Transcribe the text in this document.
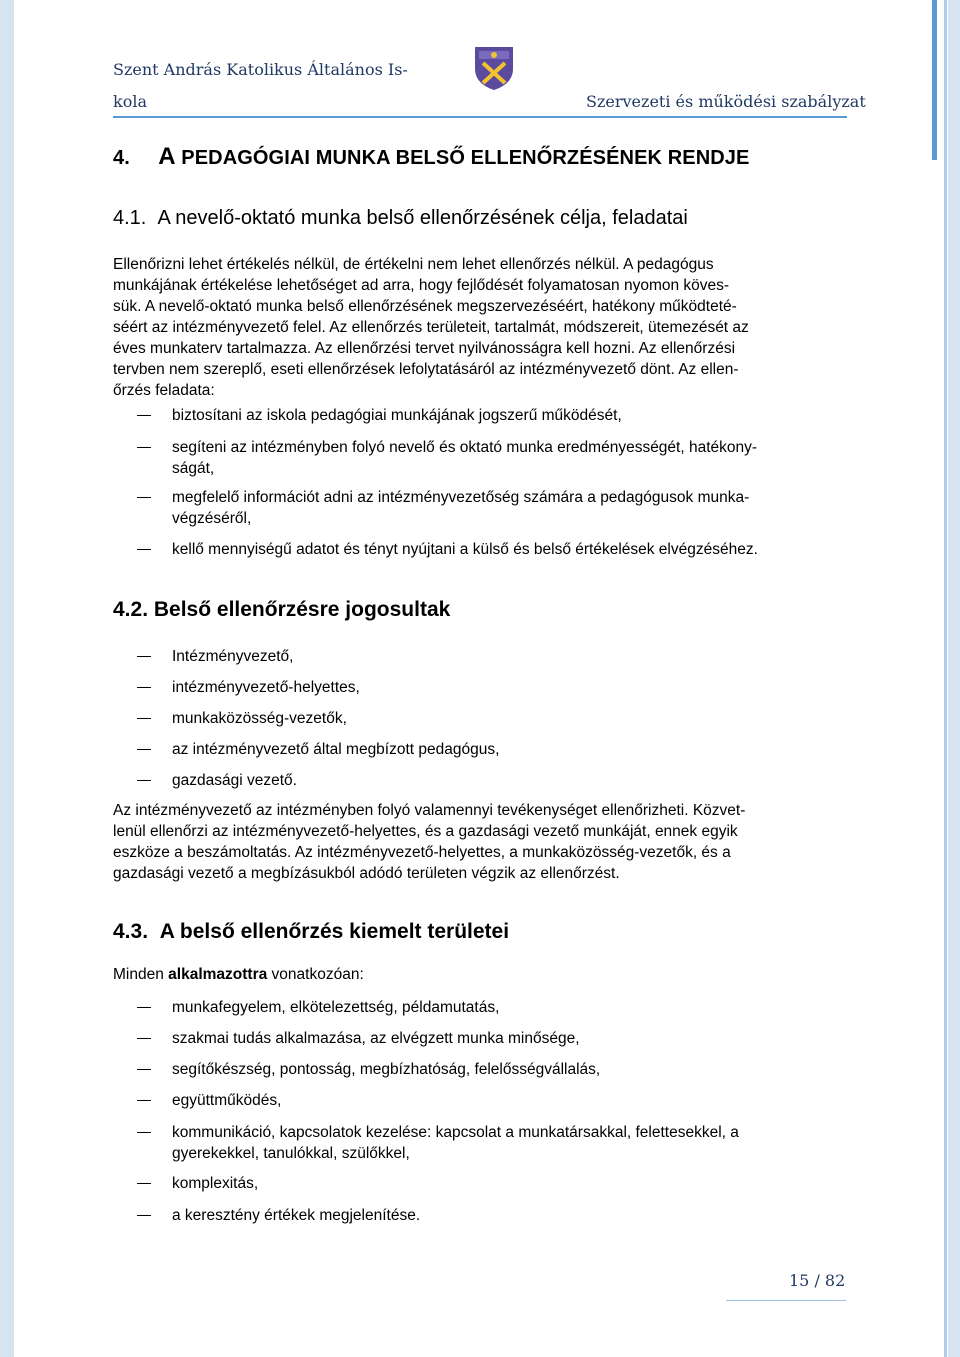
Szent András Katolikus Általános Is-
kola	Szervezeti és működési szabályzat
4. A PEDAGÓGIAI MUNKA BELSŐ ELLENŐRZÉSÉNEK RENDJE
4.1. A nevelő-oktató munka belső ellenőrzésének célja, feladatai
Ellenőrizni lehet értékelés nélkül, de értékelni nem lehet ellenőrzés nélkül. A pedagógus
munkájának értékelése lehetőséget ad arra, hogy fejlődését folyamatosan nyomon köves-
sük. A nevelő-oktató munka belső ellenőrzésének megszervezéséért, hatékony működteté-
séért az intézményvezető felel. Az ellenőrzés területeit, tartalmát, módszereit, ütemezését az
éves munkaterv tartalmazza. Az ellenőrzési tervet nyilvánosságra kell hozni. Az ellenőrzési
tervben nem szereplő, eseti ellenőrzések lefolytatásáról az intézményvezető dönt. Az ellen-
őrzés feladata:
biztosítani az iskola pedagógiai munkájának jogszerű működését,
segíteni az intézményben folyó nevelő és oktató munka eredményességét, hatékony-
ságát,
megfelelő információt adni az intézményvezetőség számára a pedagógusok munka-
végzéséről,
kellő mennyiségű adatot és tényt nyújtani a külső és belső értékelések elvégzéséhez.
4.2. Belső ellenőrzésre jogosultak
Intézményvezető,
intézményvezető-helyettes,
munkaközösség-vezetők,
az intézményvezető által megbízott pedagógus,
gazdasági vezető.
Az intézményvezető az intézményben folyó valamennyi tevékenységet ellenőrizheti. Közvet-
lenül ellenőrzi az intézményvezető-helyettes, és a gazdasági vezető munkáját, ennek egyik
eszköze a beszámoltatás. Az intézményvezető-helyettes, a munkaközösség-vezetők, és a
gazdasági vezető a megbízásukból adódó területen végzik az ellenőrzést.
4.3. A belső ellenőrzés kiemelt területei
Minden alkalmazottra vonatkozóan:
munkafegyelem, elkötelezettség, példamutatás,
szakmai tudás alkalmazása, az elvégzett munka minősége,
segítőkészség, pontosság, megbízhatóság, felelősségvállalás,
együttműködés,
kommunikáció, kapcsolatok kezelése: kapcsolat a munkatársakkal, felettesekkel, a
gyerekekkel, tanulókkal, szülőkkel,
komplexitás,
a keresztény értékek megjelenítése.
15 / 82
